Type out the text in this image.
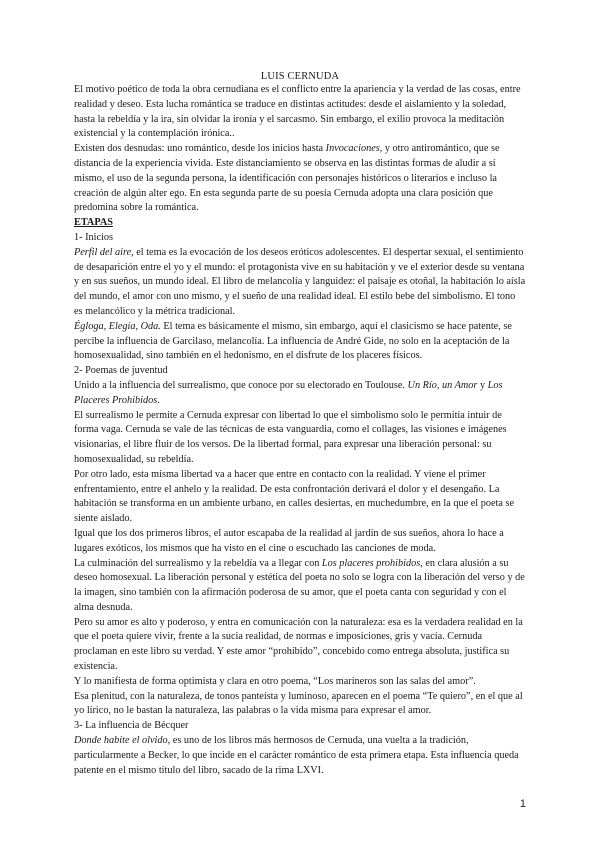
LUIS CERNUDA

El motivo poético de toda la obra cernudiana es el conflicto entre la apariencia y la verdad de las cosas, entre realidad y deseo. Esta lucha romántica se traduce en distintas actitudes: desde el aislamiento y la soledad, hasta la rebeldía y la ira, sin olvidar la ironía y el sarcasmo. Sin embargo, el exilio provoca la meditación existencial y la contemplación irónica..

Existen dos desnudas: uno romántico, desde los inicios hasta Invocaciones, y otro antiromántico, que se distancia de la experiencia vivida. Este distanciamiento se observa en las distintas formas de aludir a sí mismo, el uso de la segunda persona, la identificación con personajes históricos o literarios e incluso la creación de algún alter ego. En esta segunda parte de su poesía Cernuda adopta una clara posición que predomina sobre la romántica.

ETAPAS

1- Inicios

Perfil del aire, el tema es la evocación de los deseos eróticos adolescentes. El despertar sexual, el sentimiento de desaparición entre el yo y el mundo: el protagonista vive en su habitación y ve el exterior desde su ventana y en sus sueños, un mundo ideal. El libro de melancolía y languidez: el paisaje es otoñal, la habitación lo aísla del mundo, el amor con uno mismo, y el sueño de una realidad ideal. El estilo bebe del simbolismo. El tono es melancólico y la métrica tradicional.

Égloga, Elegía, Oda. El tema es básicamente el mismo, sin embargo, aquí el clasicismo se hace patente, se percibe la influencia de Garcilaso, melancolía. La influencia de André Gide, no solo en la aceptación de la homosexualidad, sino también en el hedonismo, en el disfrute de los placeres físicos.

2- Poemas de juventud

Unido a la influencia del surrealismo, que conoce por su electorado en Toulouse. Un Río, un Amor y Los Placeres Prohibidos.

El surrealismo le permite a Cernuda expresar con libertad lo que el simbolismo solo le permitía intuir de forma vaga. Cernuda se vale de las técnicas de esta vanguardia, como el collages, las visiones e imágenes visionarias, el libre fluir de los versos. De la libertad formal, para expresar una liberación personal: su homosexualidad, su rebeldía.

Por otro lado, esta misma libertad va a hacer que entre en contacto con la realidad. Y viene el primer enfrentamiento, entre el anhelo y la realidad. De esta confrontación derivará el dolor y el desengaño. La habitación se transforma en un ambiente urbano, en calles desiertas, en muchedumbre, en la que el poeta se siente aislado.

Igual que los dos primeros libros, el autor escapaba de la realidad al jardín de sus sueños, ahora lo hace a lugares exóticos, los mismos que ha visto en el cine o escuchado las canciones de moda.

La culminación del surrealismo y la rebeldía va a llegar con Los placeres prohibidos, en clara alusión a su deseo homosexual. La liberación personal y estética del poeta no solo se logra con la liberación del verso y de la imagen, sino también con la afirmación poderosa de su amor, que el poeta canta con seguridad y con el alma desnuda.

Pero su amor es alto y poderoso, y entra en comunicación con la naturaleza: esa es la verdadera realidad en la que el poeta quiere vivir, frente a la sucia realidad, de normas e imposiciones, gris y vacía. Cernuda proclaman en este libro su verdad. Y este amor “prohibido”, concebido como entrega absoluta, justifica su existencia.

Y lo manifiesta de forma optimista y clara en otro poema, “Los marineros son las salas del amor”.

Esa plenitud, con la naturaleza, de tonos panteísta y luminoso, aparecen en el poema “Te quiero”, en el que al yo lírico, no le bastan la naturaleza, las palabras o la vida misma para expresar el amor.

3- La influencia de Bécquer

Donde habite el olvido, es uno de los libros más hermosos de Cernuda, una vuelta a la tradición, particularmente a Becker, lo que incide en el carácter romántico de esta primera etapa. Esta influencia queda patente en el mismo título del libro, sacado de la rima LXVI.

1
